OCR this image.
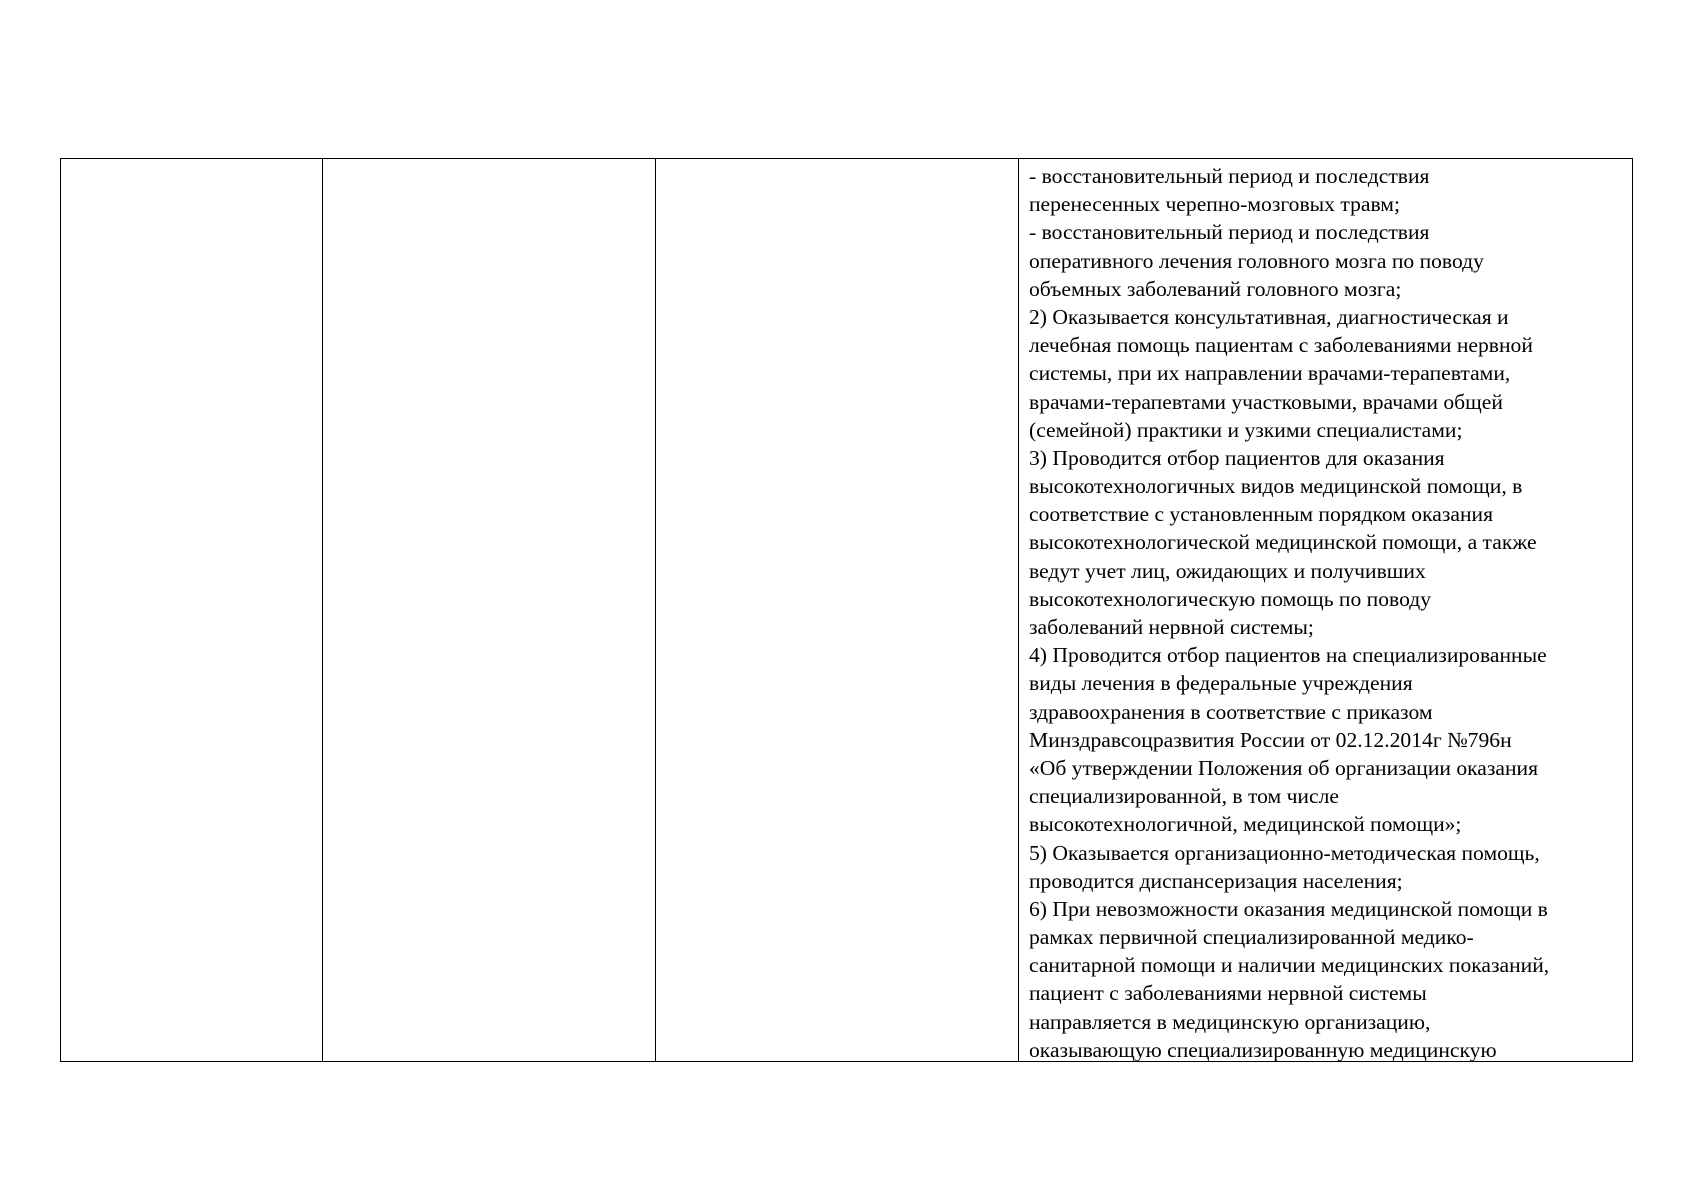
- восстановительный период и последствия
перенесенных черепно-мозговых травм;
- восстановительный период и последствия
оперативного лечения головного мозга по поводу
объемных заболеваний головного мозга;
2) Оказывается консультативная, диагностическая и
лечебная помощь пациентам с заболеваниями нервной
системы, при их направлении врачами-терапевтами,
врачами-терапевтами участковыми, врачами общей
(семейной) практики и узкими специалистами;
3) Проводится отбор пациентов для оказания
высокотехнологичных видов медицинской помощи, в
соответствие с установленным порядком оказания
высокотехнологической медицинской помощи, а также
ведут учет лиц, ожидающих и получивших
высокотехнологическую помощь по поводу
заболеваний нервной системы;
4) Проводится отбор пациентов на специализированные
виды лечения в федеральные учреждения
здравоохранения в соответствие с приказом
Минздравсоцразвития России от 02.12.2014г №796н
«Об утверждении Положения об организации оказания
специализированной, в том числе
высокотехнологичной, медицинской помощи»;
5) Оказывается организационно-методическая помощь,
проводится диспансеризация населения;
6) При невозможности оказания медицинской помощи в
рамках первичной специализированной медико-
санитарной помощи и наличии медицинских показаний,
пациент с заболеваниями нервной системы
направляется в медицинскую организацию,
оказывающую специализированную медицинскую
